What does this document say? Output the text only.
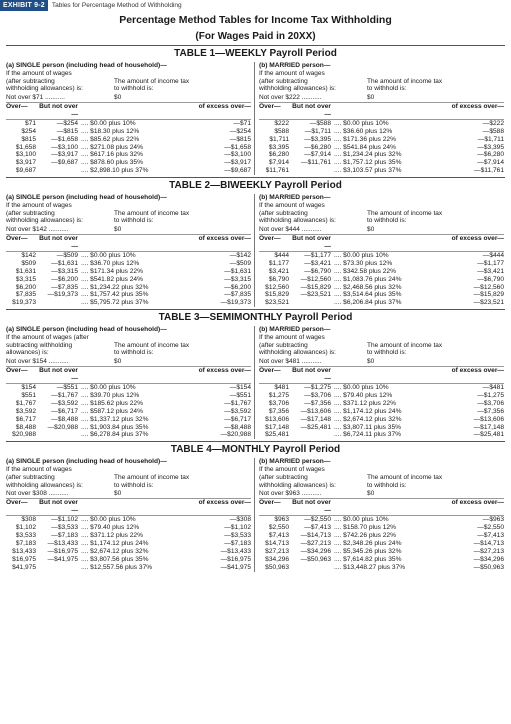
EXHIBIT 9-2	Tables for Percentage Method of Withholding
Percentage Method Tables for Income Tax Withholding
(For Wages Paid in 20XX)
TABLE 1—WEEKLY Payroll Period
(a) SINGLE person (including head of household)—
If the amount of wages
(after subtracting	The amount of income tax
withholding allowances) is:	to withhold is:
Not over $71 ...........	$0
Over—	But not over—
of excess over—
$71	—$254 .... $0.00 plus 10%	—$71
$254	—$815 .... $18.30 plus 12%	—$254
$815	—$1,658 .... $85.62 plus 22%	—$815
$1,658	—$3,100 .... $271.08 plus 24%	—$1,658
$3,100	—$3,917 .... $617.16 plus 32%	—$3,100
$3,917	—$9,687 .... $878.60 plus 35%	—$3,917
$9,687	.... $2,898.10 plus 37%	—$9,687
(b) MARRIED person—
If the amount of wages
(after subtracting	The amount of income tax
withholding allowances) is:	to withhold is:
Not over $222 ...........	$0
Over—	But not over—
of excess over—
$222	—$588 .... $0.00 plus 10%	—$222
$588	—$1,711 .... $36.60 plus 12%	—$588
$1,711	—$3,395 .... $171.36 plus 22%	—$1,711
$3,395	—$6,280 .... $541.84 plus 24%	—$3,395
$6,280	—$7,914 .... $1,234.24 plus 32%	—$6,280
$7,914	—$11,761 .... $1,757.12 plus 35%	—$7,914
$11,761	.... $3,103.57 plus 37%	—$11,761
TABLE 2—BIWEEKLY Payroll Period
(a) SINGLE person (including head of household)—
If the amount of wages
(after subtracting	The amount of income tax
withholding allowances) is:	to withhold is:
Not over $142 ...........	$0
Over—	But not over—
of excess over—
$142	—$509 .... $0.00 plus 10%	—$142
$509	—$1,631 .... $36.70 plus 12%	—$509
$1,631	—$3,315 .... $171.34 plus 22%	—$1,631
$3,315	—$6,200 .... $541.82 plus 24%	—$3,315
$6,200	—$7,835 .... $1,234.22 plus 32%	—$6,200
$7,835	—$19,373 .... $1,757.42 plus 35%	—$7,835
$19,373	.... $5,795.72 plus 37%	—$19,373
(b) MARRIED person—
If the amount of wages
(after subtracting	The amount of income tax
withholding allowances) is:	to withhold is:
Not over $444 ...........	$0
Over—	But not over—
of excess over—
$444	—$1,177 .... $0.00 plus 10%	—$444
$1,177	—$3,421 .... $73.30 plus 12%	—$1,177
$3,421	—$6,790 .... $342.58 plus 22%	—$3,421
$6,790	—$12,560 .... $1,083.76 plus 24%	—$6,790
$12,560	—$15,829 .... $2,468.56 plus 32%	—$12,560
$15,829	—$23,521 .... $3,514.64 plus 35%	—$15,829
$23,521	.... $6,206.84 plus 37%	—$23,521
TABLE 3—SEMIMONTHLY Payroll Period
(a) SINGLE person (including head of household)—
If the amount of wages (after
subtracting withholding	The amount of income tax
allowances) is:	to withhold is:
Not over $154 ...........	$0
Over—	But not over—
of excess over—
$154	—$551 .... $0.00 plus 10%	—$154
$551	—$1,767 .... $39.70 plus 12%	—$551
$1,767	—$3,592 .... $185.62 plus 22%	—$1,767
$3,592	—$6,717 .... $587.12 plus 24%	—$3,592
$6,717	—$8,488 .... $1,337.12 plus 32%	—$6,717
$8,488	—$20,988 .... $1,903.84 plus 35%	—$8,488
$20,988	.... $6,278.84 plus 37%	—$20,988
(b) MARRIED person—
If the amount of wages
(after subtracting	The amount of income tax
withholding allowances) is:	to withhold is:
Not over $481 ...........	$0
Over—	But not over—
of excess over—
$481	—$1,275 .... $0.00 plus 10%	—$481
$1,275	—$3,706 .... $79.40 plus 12%	—$1,275
$3,706	—$7,356 .... $371.12 plus 22%	—$3,706
$7,356	—$13,606 .... $1,174.12 plus 24%	—$7,356
$13,606	—$17,148 .... $2,674.12 plus 32%	—$13,606
$17,148	—$25,481 .... $3,807.11 plus 35%	—$17,148
$25,481	.... $6,724.11 plus 37%	—$25,481
TABLE 4—MONTHLY Payroll Period
(a) SINGLE person (including head of household)—
If the amount of wages
(after subtracting	The amount of income tax
withholding allowances) is:	to withhold is:
Not over $308 ...........	$0
Over—	But not over—
of excess over—
$308	—$1,102 .... $0.00 plus 10%	—$308
$1,102	—$3,533 .... $79.40 plus 12%	—$1,102
$3,533	—$7,183 .... $371.12 plus 22%	—$3,533
$7,183	—$13,433 .... $1,174.12 plus 24%	—$7,183
$13,433	—$16,975 .... $2,674.12 plus 32%	—$13,433
$16,975	—$41,975 .... $3,807.56 plus 35%	—$16,975
$41,975	.... $12,557.56 plus 37%	—$41,975
(b) MARRIED person—
If the amount of wages
(after subtracting	The amount of income tax
withholding allowances) is:	to withhold is:
Not over $963 ...........	$0
Over—	But not over—
of excess over—
$963	—$2,550 .... $0.00 plus 10%	—$963
$2,550	—$7,413 .... $158.70 plus 12%	—$2,550
$7,413	—$14,713 .... $742.26 plus 22%	—$7,413
$14,713	—$27,213 .... $2,348.26 plus 24%	—$14,713
$27,213	—$34,296 .... $5,345.26 plus 32%	—$27,213
$34,296	—$50,963 .... $7,614.82 plus 35%	—$34,296
$50,963	.... $13,448.27 plus 37%	—$50,963
